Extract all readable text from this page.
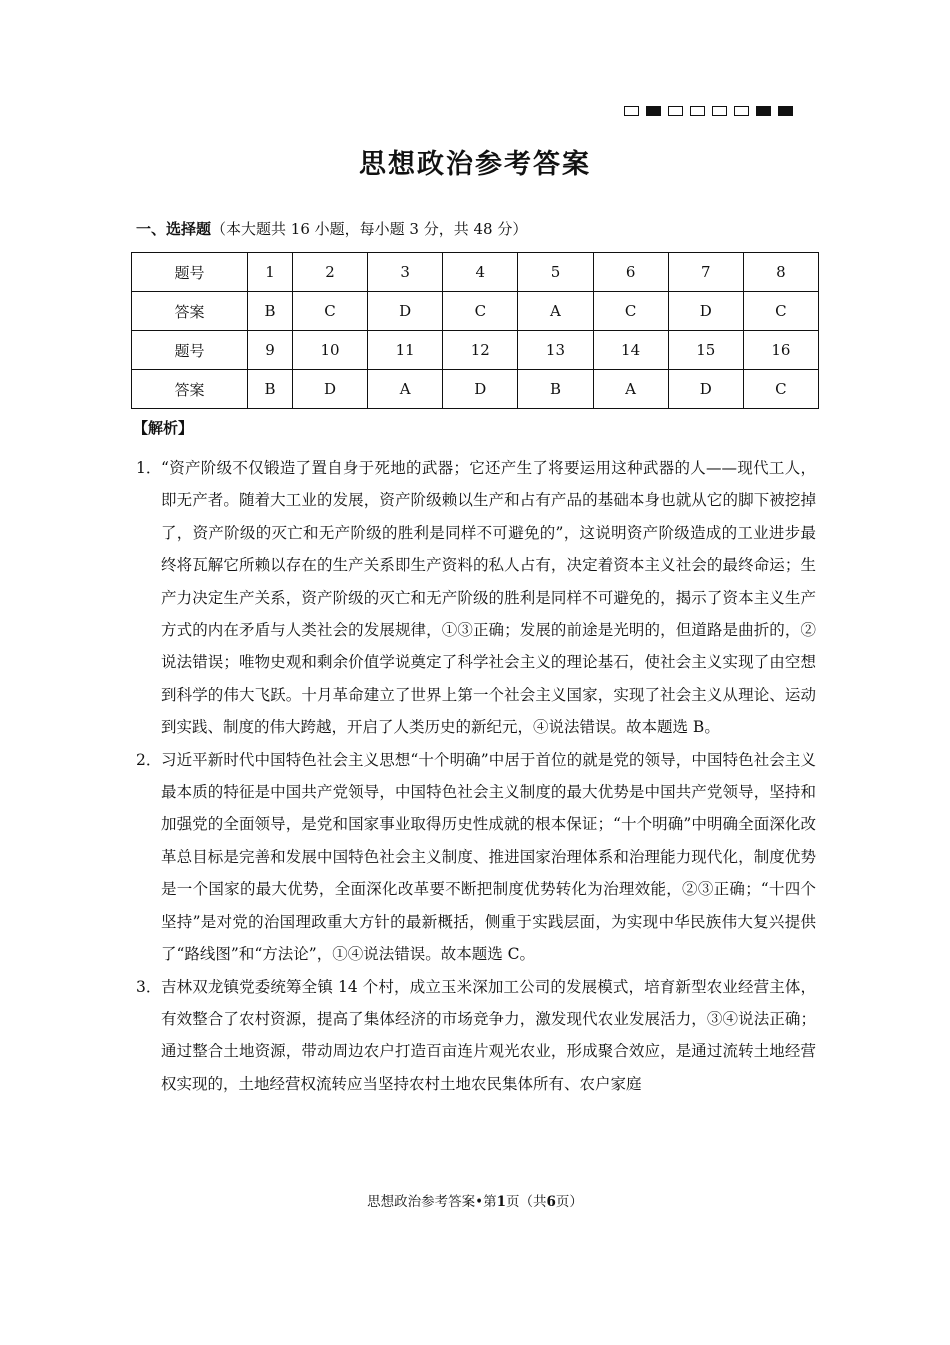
思想政治参考答案
一、选择题（本大题共 16 小题，每小题 3 分，共 48 分）
题号	1	2	3	4	5	6	7	8
答案	B	C	D	C	A	C	D	C
题号	9	10	11	12	13	14	15	16
答案	B	D	A	D	B	A	D	C
【解析】
1． “资产阶级不仅锻造了置自身于死地的武器；它还产生了将要运用这种武器的人——现代工人，即无产者。随着大工业的发展，资产阶级赖以生产和占有产品的基础本身也就从它的脚下被挖掉了，资产阶级的灭亡和无产阶级的胜利是同样不可避免的”，这说明资产阶级造成的工业进步最终将瓦解它所赖以存在的生产关系即生产资料的私人占有，决定着资本主义社会的最终命运；生产力决定生产关系，资产阶级的灭亡和无产阶级的胜利是同样不可避免的，揭示了资本主义生产方式的内在矛盾与人类社会的发展规律，①③正确；发展的前途是光明的，但道路是曲折的，②说法错误；唯物史观和剩余价值学说奠定了科学社会主义的理论基石，使社会主义实现了由空想到科学的伟大飞跃。十月革命建立了世界上第一个社会主义国家，实现了社会主义从理论、运动到实践、制度的伟大跨越，开启了人类历史的新纪元，④说法错误。故本题选 B。
2． 习近平新时代中国特色社会主义思想“十个明确”中居于首位的就是党的领导，中国特色社会主义最本质的特征是中国共产党领导，中国特色社会主义制度的最大优势是中国共产党领导，坚持和加强党的全面领导，是党和国家事业取得历史性成就的根本保证；“十个明确”中明确全面深化改革总目标是完善和发展中国特色社会主义制度、推进国家治理体系和治理能力现代化，制度优势是一个国家的最大优势，全面深化改革要不断把制度优势转化为治理效能，②③正确；“十四个坚持”是对党的治国理政重大方针的最新概括，侧重于实践层面，为实现中华民族伟大复兴提供了“路线图”和“方法论”，①④说法错误。故本题选 C。
3． 吉林双龙镇党委统筹全镇 14 个村，成立玉米深加工公司的发展模式，培育新型农业经营主体，有效整合了农村资源，提高了集体经济的市场竞争力，激发现代农业发展活力，③④说法正确；通过整合土地资源，带动周边农户打造百亩连片观光农业，形成聚合效应，是通过流转土地经营权实现的，土地经营权流转应当坚持农村土地农民集体所有、农户家庭
思想政治参考答案•第1页（共6页）
